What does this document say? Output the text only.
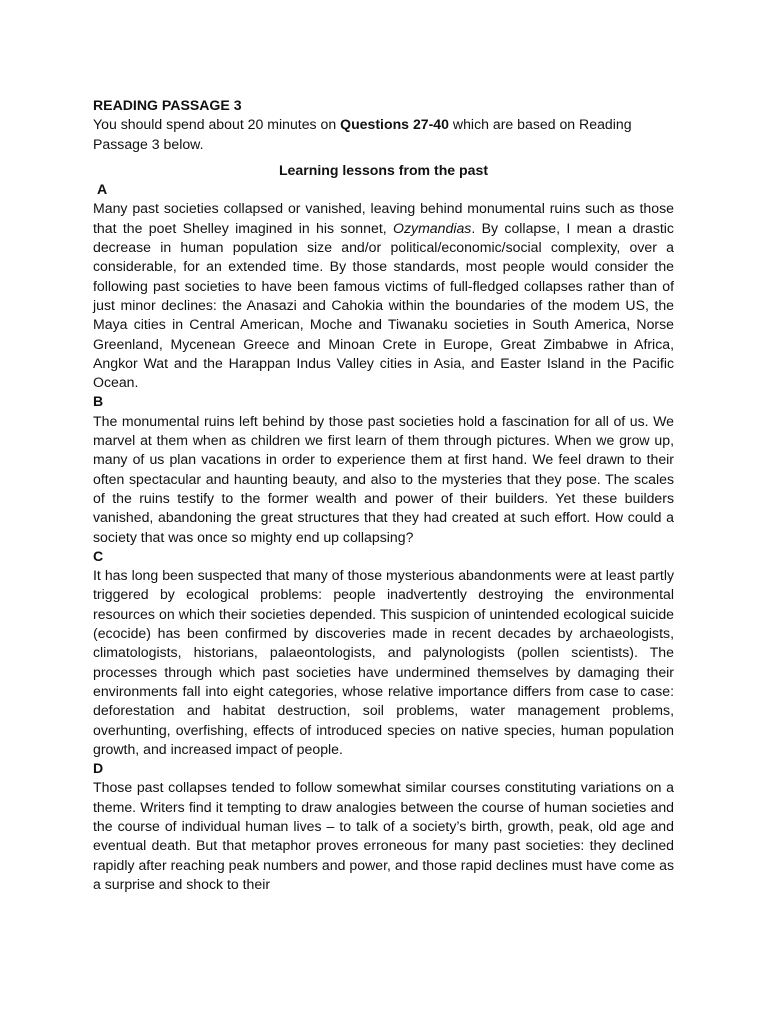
READING PASSAGE 3

You should spend about 20 minutes on Questions 27-40 which are based on Reading Passage 3 below.

Learning lessons from the past

A

Many past societies collapsed or vanished, leaving behind monumental ruins such as those that the poet Shelley imagined in his sonnet, Ozymandias. By collapse, I mean a drastic decrease in human population size and/or political/economic/social complexity, over a considerable, for an extended time. By those standards, most people would consider the following past societies to have been famous victims of full-fledged collapses rather than of just minor declines: the Anasazi and Cahokia within the boundaries of the modem US, the Maya cities in Central American, Moche and Tiwanaku societies in South America, Norse Greenland, Mycenean Greece and Minoan Crete in Europe, Great Zimbabwe in Africa, Angkor Wat and the Harappan Indus Valley cities in Asia, and Easter Island in the Pacific Ocean.

B

The monumental ruins left behind by those past societies hold a fascination for all of us. We marvel at them when as children we first learn of them through pictures. When we grow up, many of us plan vacations in order to experience them at first hand. We feel drawn to their often spectacular and haunting beauty, and also to the mysteries that they pose. The scales of the ruins testify to the former wealth and power of their builders. Yet these builders vanished, abandoning the great structures that they had created at such effort. How could a society that was once so mighty end up collapsing?

C

It has long been suspected that many of those mysterious abandonments were at least partly triggered by ecological problems: people inadvertently destroying the environmental resources on which their societies depended. This suspicion of unintended ecological suicide (ecocide) has been confirmed by discoveries made in recent decades by archaeologists, climatologists, historians, palaeontologists, and palynologists (pollen scientists). The processes through which past societies have undermined themselves by damaging their environments fall into eight categories, whose relative importance differs from case to case: deforestation and habitat destruction, soil problems, water management problems, overhunting, overfishing, effects of introduced species on native species, human population growth, and increased impact of people.

D

Those past collapses tended to follow somewhat similar courses constituting variations on a theme. Writers find it tempting to draw analogies between the course of human societies and the course of individual human lives – to talk of a society’s birth, growth, peak, old age and eventual death. But that metaphor proves erroneous for many past societies: they declined rapidly after reaching peak numbers and power, and those rapid declines must have come as a surprise and shock to their
